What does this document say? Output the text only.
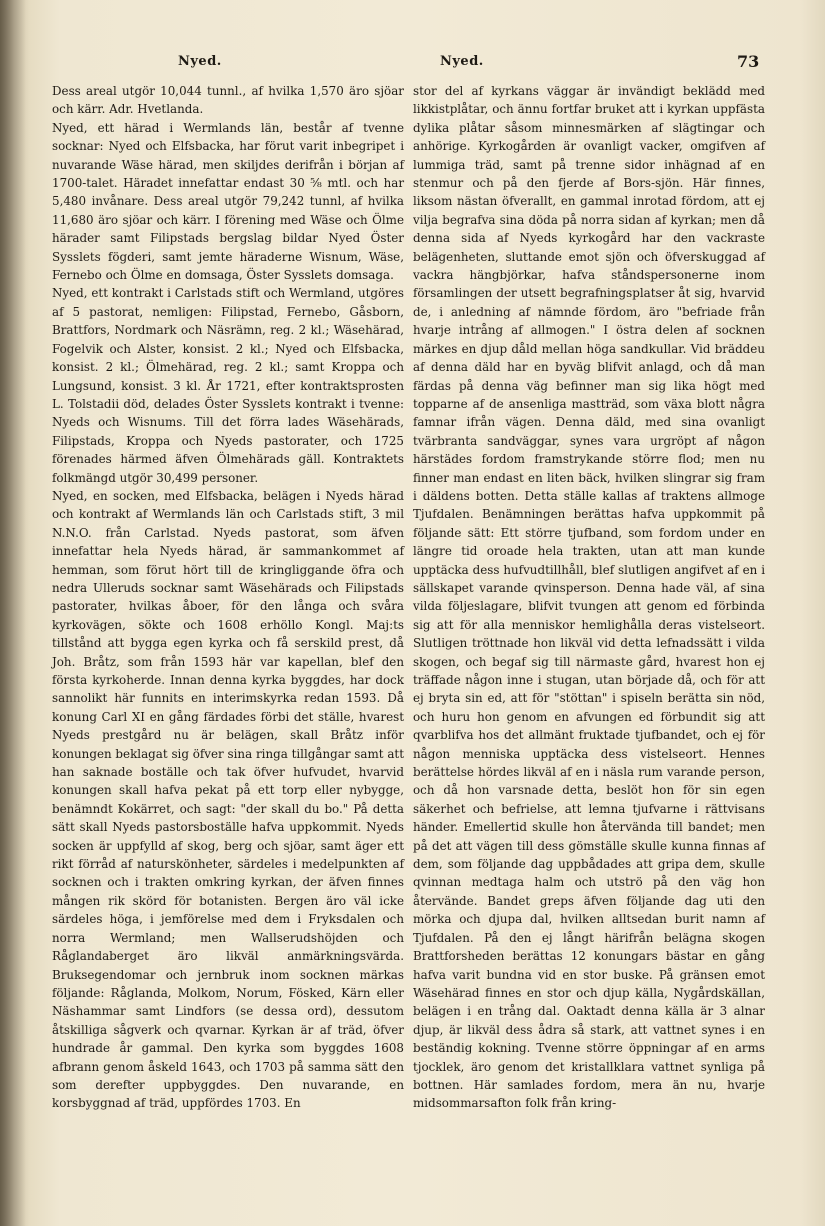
Nyed.	Nyed.	73

Dess areal utgör 10,044 tunnl., af hvilka 1,570 äro sjöar och kärr. Adr. Hvetlanda.

Nyed, ett härad i Wermlands län, består af tvenne socknar: Nyed och Elfsbacka, har förut varit inbegripet i nuvarande Wäse härad, men skiljdes derifrån i början af 1700-talet. Häradet innefattar endast 30 ⅝ mtl. och har 5,480 invånare. Dess areal utgör 79,242 tunnl, af hvilka 11,680 äro sjöar och kärr. I förening med Wäse och Ölme härader samt Filipstads bergslag bildar Nyed Öster Sysslets fögderi, samt jemte häraderne Wisnum, Wäse, Fernebo och Ölme en domsaga, Öster Sysslets domsaga.

Nyed, ett kontrakt i Carlstads stift och Wermland, utgöres af 5 pastorat, nemligen: Filipstad, Fernebo, Gåsborn, Brattfors, Nordmark och Näsrämn, reg. 2 kl.; Wäsehärad, Fogelvik och Alster, konsist. 2 kl.; Nyed och Elfsbacka, konsist. 2 kl.; Ölmehärad, reg. 2 kl.; samt Kroppa och Lungsund, konsist. 3 kl. År 1721, efter kontraktsprosten L. Tolstadii död, delades Öster Sysslets kontrakt i tvenne: Nyeds och Wisnums. Till det förra lades Wäsehärads, Filipstads, Kroppa och Nyeds pastorater, och 1725 förenades härmed äfven Ölmehärads gäll. Kontraktets folkmängd utgör 30,499 personer.

Nyed, en socken, med Elfsbacka, belägen i Nyeds härad och kontrakt af Wermlands län och Carlstads stift, 3 mil N.N.O. från Carlstad. Nyeds pastorat, som äfven innefattar hela Nyeds härad, är sammankommet af hemman, som förut hört till de kringliggande öfra och nedra Ulleruds socknar samt Wäsehärads och Filipstads pastorater, hvilkas åboer, för den långa och svåra kyrkovägen, sökte och 1608 erhöllo Kongl. Maj:ts tillstånd att bygga egen kyrka och få serskild prest, då Joh. Bråtz, som från 1593 här var kapellan, blef den första kyrkoherde. Innan denna kyrka byggdes, har dock sannolikt här funnits en interimskyrka redan 1593. Då konung Carl XI en gång färdades förbi det ställe, hvarest Nyeds prestgård nu är belägen, skall Bråtz inför konungen beklagat sig öfver sina ringa tillgångar samt att han saknade boställe och tak öfver hufvudet, hvarvid konungen skall hafva pekat på ett torp eller nybygge, benämndt Kokärret, och sagt: "der skall du bo." På detta sätt skall Nyeds pastorsboställe hafva uppkommit. Nyeds socken är uppfylld af skog, berg och sjöar, samt äger ett rikt förråd af naturskönheter, särdeles i medelpunkten af socknen och i trakten omkring kyrkan, der äfven finnes mången rik skörd för botanisten. Bergen äro väl icke särdeles höga, i jemförelse med dem i Fryksdalen och norra Wermland; men Wallserudshöjden och Råglandaberget äro likväl anmärkningsvärda. Bruksegendomar och jernbruk inom socknen märkas följande: Råglanda, Molkom, Norum, Fösked, Kärn eller Näshammar samt Lindfors (se dessa ord), dessutom åtskilliga sågverk och qvarnar. Kyrkan är af träd, öfver hundrade år gammal. Den kyrka som byggdes 1608 afbrann genom åskeld 1643, och 1703 på samma sätt den som derefter uppbyggdes. Den nuvarande, en korsbyggnad af träd, uppfördes 1703. En

stor del af kyrkans väggar är invändigt beklädd med likkistplåtar, och ännu fortfar bruket att i kyrkan uppfästa dylika plåtar såsom minnesmärken af slägtingar och anhörige. Kyrkogården är ovanligt vacker, omgifven af lummiga träd, samt på trenne sidor inhägnad af en stenmur och på den fjerde af Bors-sjön. Här finnes, liksom nästan öfverallt, en gammal inrotad fördom, att ej vilja begrafva sina döda på norra sidan af kyrkan; men då denna sida af Nyeds kyrkogård har den vackraste belägenheten, sluttande emot sjön och öfverskuggad af vackra hängbjörkar, hafva ståndspersonerne inom församlingen der utsett begrafningsplatser åt sig, hvarvid de, i anledning af nämnde fördom, äro "befriade från hvarje intrång af allmogen." I östra delen af socknen märkes en djup dåld mellan höga sandkullar. Vid bräddeu af denna däld har en byväg blifvit anlagd, och då man färdas på denna väg befinner man sig lika högt med topparne af de ansenliga mastträd, som växa blott några famnar ifrån vägen. Denna däld, med sina ovanligt tvärbranta sandväggar, synes vara urgröpt af någon härstädes fordom framstrykande större flod; men nu finner man endast en liten bäck, hvilken slingrar sig fram i däldens botten. Detta ställe kallas af traktens allmoge Tjufdalen. Benämningen berättas hafva uppkommit på följande sätt: Ett större tjufband, som fordom under en längre tid oroade hela trakten, utan att man kunde upptäcka dess hufvudtillhåll, blef slutligen angifvet af en i sällskapet varande qvinsperson. Denna hade väl, af sina vilda följeslagare, blifvit tvungen att genom ed förbinda sig att för alla menniskor hemlighålla deras vistelseort. Slutligen tröttnade hon likväl vid detta lefnadssätt i vilda skogen, och begaf sig till närmaste gård, hvarest hon ej träffade någon inne i stugan, utan började då, och för att ej bryta sin ed, att för "stöttan" i spiseln berätta sin nöd, och huru hon genom en afvungen ed förbundit sig att qvarblifva hos det allmänt fruktade tjufbandet, och ej för någon menniska upptäcka dess vistelseort. Hennes berättelse hördes likväl af en i näsla rum varande person, och då hon varsnade detta, beslöt hon för sin egen säkerhet och befrielse, att lemna tjufvarne i rättvisans händer. Emellertid skulle hon återvända till bandet; men på det att vägen till dess gömställe skulle kunna finnas af dem, som följande dag uppbådades att gripa dem, skulle qvinnan medtaga halm och utströ på den väg hon återvände. Bandet greps äfven följande dag uti den mörka och djupa dal, hvilken alltsedan burit namn af Tjufdalen. På den ej långt härifrån belägna skogen Brattforsheden berättas 12 konungars bästar en gång hafva varit bundna vid en stor buske. På gränsen emot Wäsehärad finnes en stor och djup källa, Nygårdskällan, belägen i en trång dal. Oaktadt denna källa är 3 alnar djup, är likväl dess ådra så stark, att vattnet synes i en beständig kokning. Tvenne större öppningar af en arms tjocklek, äro genom det kristallklara vattnet synliga på bottnen. Här samlades fordom, mera än nu, hvarje midsommarsafton folk från kring-
